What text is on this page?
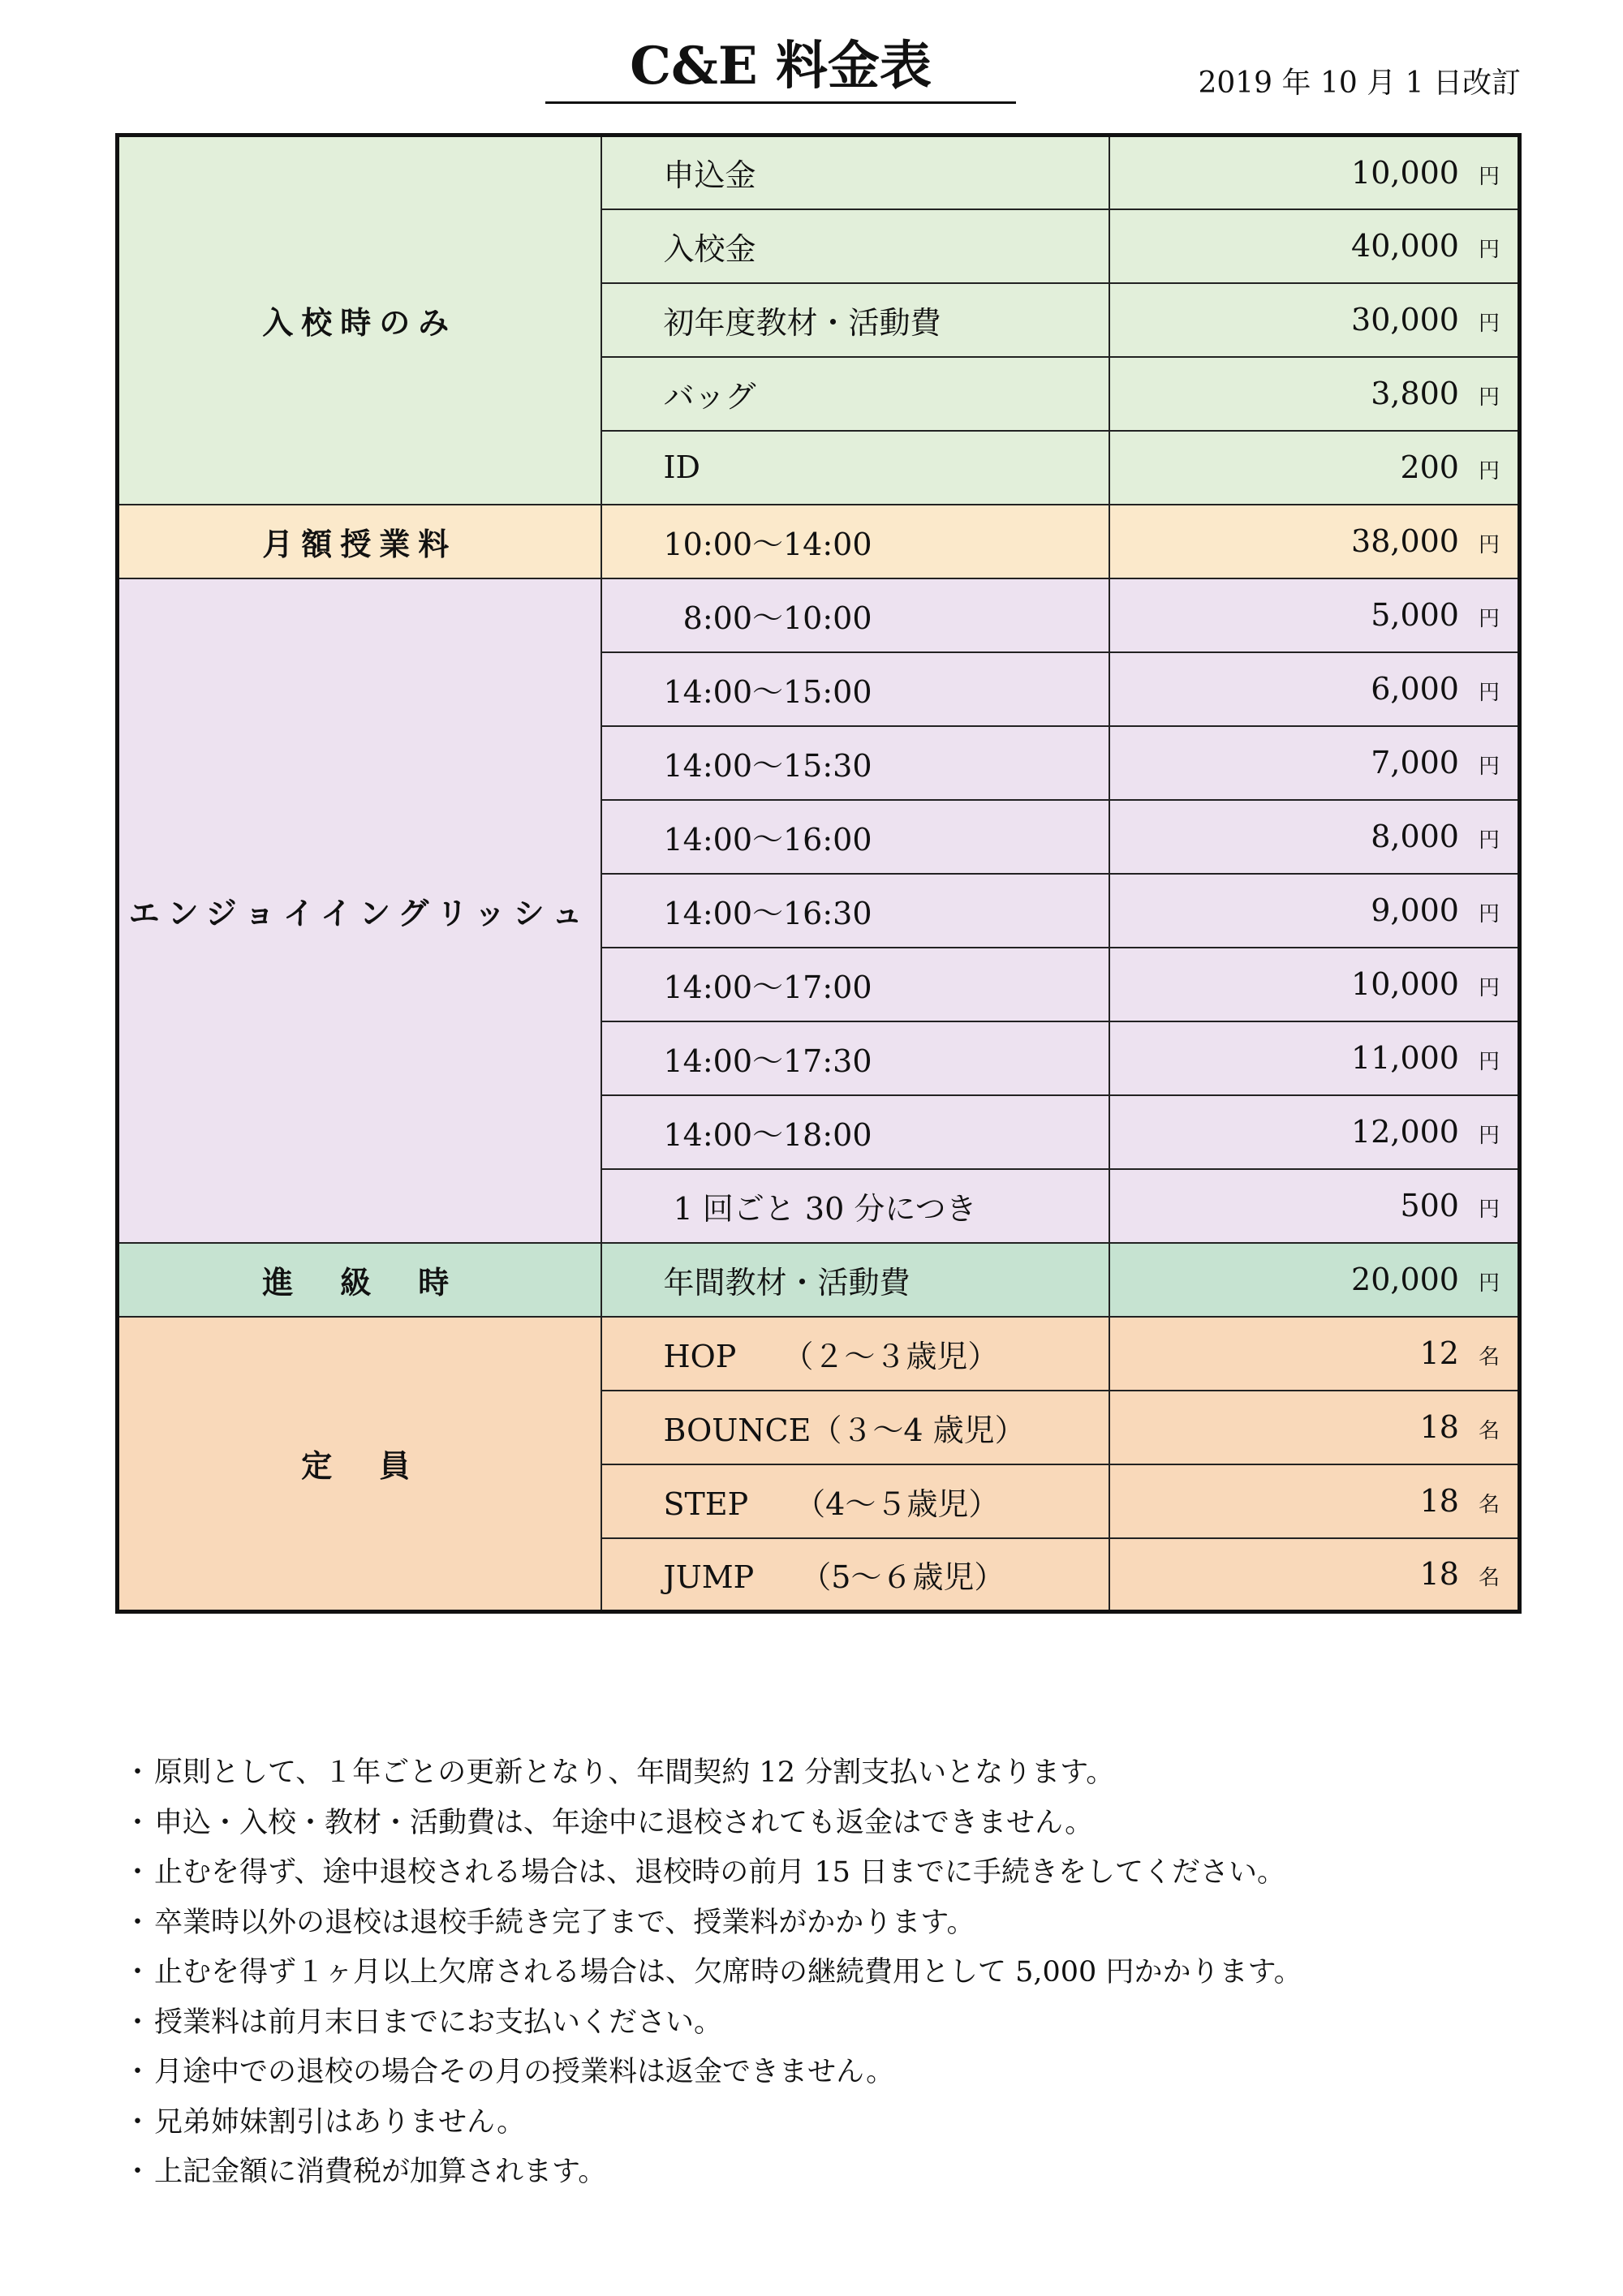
C&E 料金表	2019 年 10 月 1 日改訂
入校時のみ	申込金	10,000 円
	入校金	40,000 円
	初年度教材・活動費	30,000 円
	バッグ	3,800 円
	ID	200 円
月額授業料	10:00～14:00	38,000 円
エンジョイイングリッシュ	8:00～10:00	5,000 円
	14:00～15:00	6,000 円
	14:00～15:30	7,000 円
	14:00～16:00	8,000 円
	14:00～16:30	9,000 円
	14:00～17:00	10,000 円
	14:00～17:30	11,000 円
	14:00～18:00	12,000 円
	1 回ごと 30 分につき	500 円
進　級　時	年間教材・活動費	20,000 円
定　員	HOP　　（２～３歳児）	12 名
	BOUNCE（３～4 歳児）	18 名
	STEP　　（4～５歳児）	18 名
	JUMP　　（5～６歳児）	18 名
・ 原則として、１年ごとの更新となり、年間契約 12 分割支払いとなります。
・ 申込・入校・教材・活動費は、年途中に退校されても返金はできません。
・ 止むを得ず、途中退校される場合は、退校時の前月 15 日までに手続きをしてください。
・ 卒業時以外の退校は退校手続き完了まで、授業料がかかります。
・ 止むを得ず１ヶ月以上欠席される場合は、欠席時の継続費用として 5,000 円かかります。
・ 授業料は前月末日までにお支払いください。
・ 月途中での退校の場合その月の授業料は返金できません。
・ 兄弟姉妹割引はありません。
・ 上記金額に消費税が加算されます。
